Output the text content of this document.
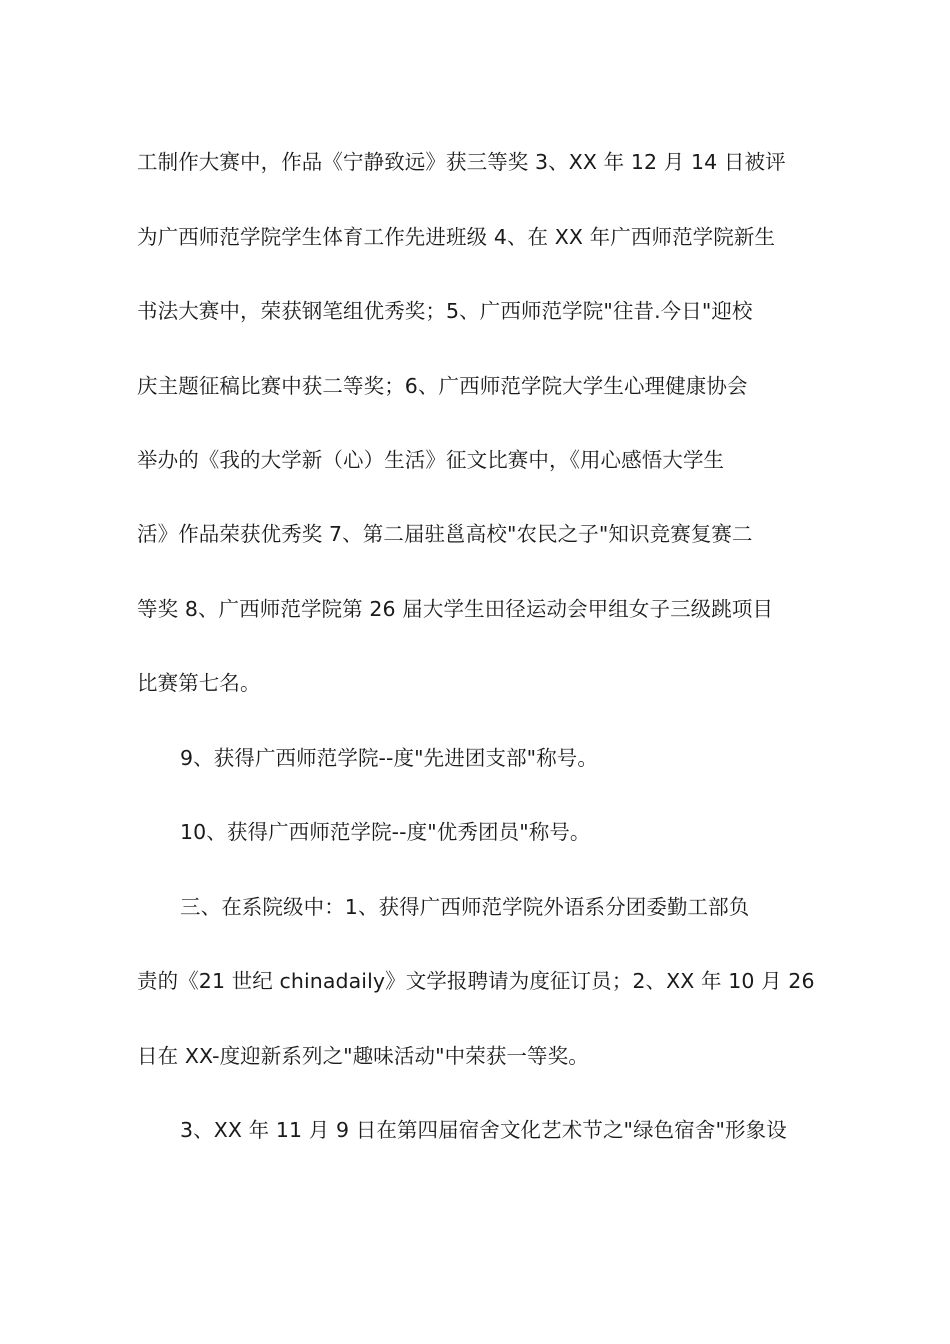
工制作大赛中，作品《宁静致远》获三等奖 3、XX 年 12 月 14 日被评
为广西师范学院学生体育工作先进班级 4、在 XX 年广西师范学院新生
书法大赛中，荣获钢笔组优秀奖；5、广西师范学院"往昔.今日"迎校
庆主题征稿比赛中获二等奖；6、广西师范学院大学生心理健康协会
举办的《我的大学新（心）生活》征文比赛中，《用心感悟大学生
活》作品荣获优秀奖 7、第二届驻邕高校"农民之子"知识竞赛复赛二
等奖 8、广西师范学院第 26 届大学生田径运动会甲组女子三级跳项目
比赛第七名。
9、获得广西师范学院--度"先进团支部"称号。
10、获得广西师范学院--度"优秀团员"称号。
三、在系院级中：1、获得广西师范学院外语系分团委勤工部负
责的《21 世纪 chinadaily》文学报聘请为度征订员；2、XX 年 10 月 26
日在 XX-度迎新系列之"趣味活动"中荣获一等奖。
3、XX 年 11 月 9 日在第四届宿舍文化艺术节之"绿色宿舍"形象设
